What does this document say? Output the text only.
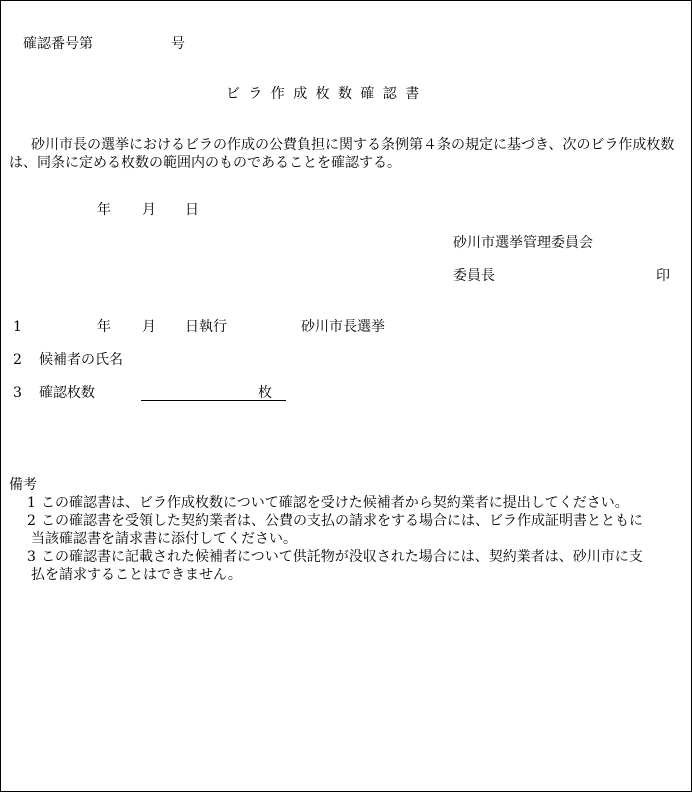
確認番号第	号
ビラ作成枚数確認書
砂川市長の選挙におけるビラの作成の公費負担に関する条例第４条の規定に基づき、次のビラ作成枚数は、同条に定める枚数の範囲内のものであることを確認する。
年 月 日
砂川市選挙管理委員会
委員長	印
1	年 月 日執行	砂川市長選挙
2 候補者の氏名
3 確認枚数	枚
備考
1 この確認書は、ビラ作成枚数について確認を受けた候補者から契約業者に提出してください。
2 この確認書を受領した契約業者は、公費の支払の請求をする場合には、ビラ作成証明書とともに
当該確認書を請求書に添付してください。
3 この確認書に記載された候補者について供託物が没収された場合には、契約業者は、砂川市に支
払を請求することはできません。
